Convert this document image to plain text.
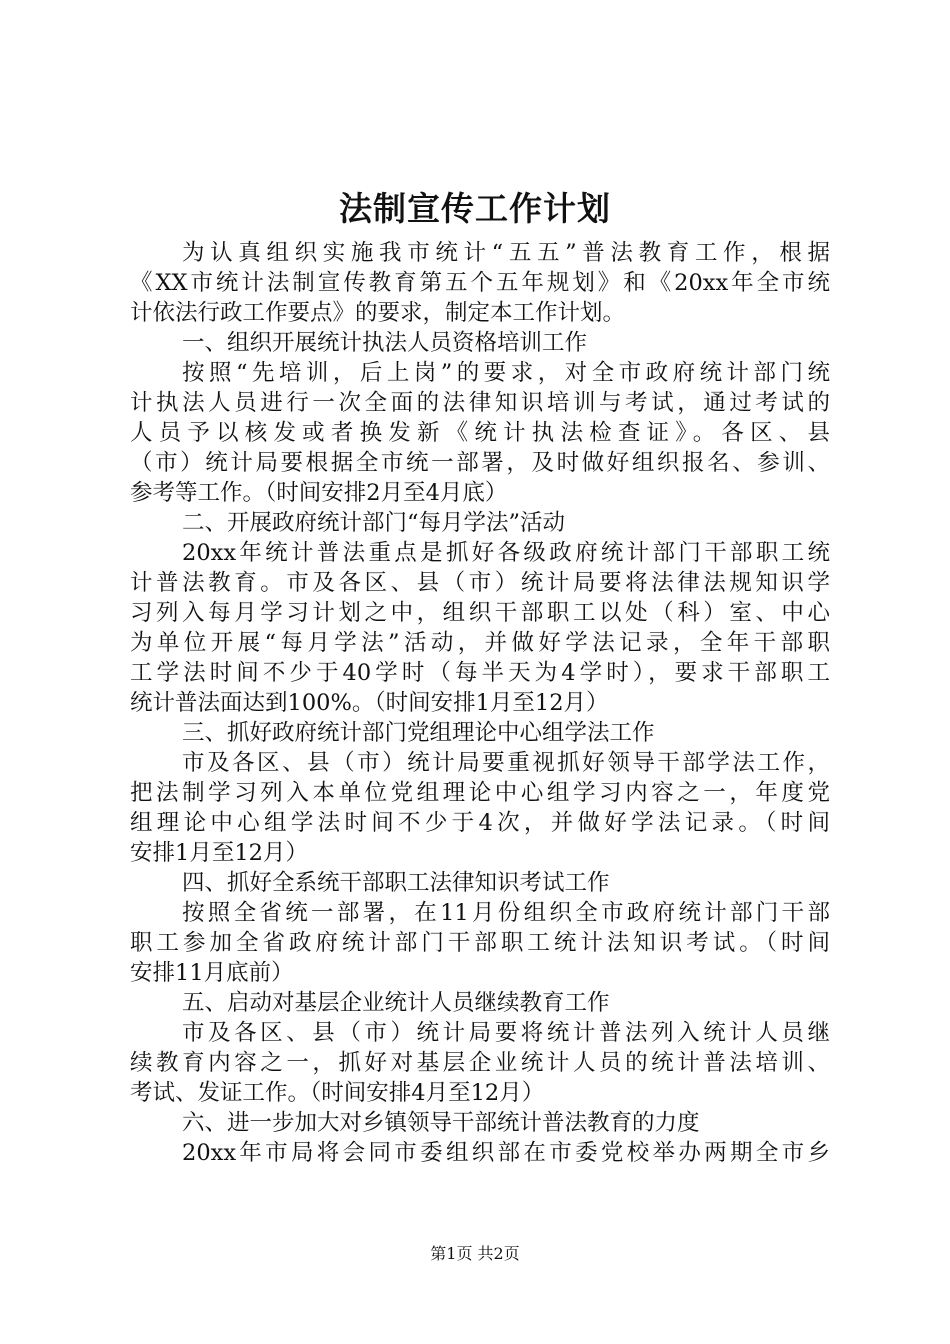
法制宣传工作计划
为认真组织实施我市统计“五五”普法教育工作，根据
《XX市统计法制宣传教育第五个五年规划》和《20xx年全市统
计依法行政工作要点》的要求，制定本工作计划。
一、组织开展统计执法人员资格培训工作
按照“先培训，后上岗”的要求，对全市政府统计部门统
计执法人员进行一次全面的法律知识培训与考试，通过考试的
人员予以核发或者换发新《统计执法检查证》。各区、县
（市）统计局要根据全市统一部署，及时做好组织报名、参训、
参考等工作。（时间安排2月至4月底）
二、开展政府统计部门“每月学法”活动
20xx年统计普法重点是抓好各级政府统计部门干部职工统
计普法教育。市及各区、县（市）统计局要将法律法规知识学
习列入每月学习计划之中，组织干部职工以处（科）室、中心
为单位开展“每月学法”活动，并做好学法记录，全年干部职
工学法时间不少于40学时（每半天为4学时），要求干部职工
统计普法面达到100%。（时间安排1月至12月）
三、抓好政府统计部门党组理论中心组学法工作
市及各区、县（市）统计局要重视抓好领导干部学法工作，
把法制学习列入本单位党组理论中心组学习内容之一，年度党
组理论中心组学法时间不少于4次，并做好学法记录。（时间
安排1月至12月）
四、抓好全系统干部职工法律知识考试工作
按照全省统一部署，在11月份组织全市政府统计部门干部
职工参加全省政府统计部门干部职工统计法知识考试。（时间
安排11月底前）
五、启动对基层企业统计人员继续教育工作
市及各区、县（市）统计局要将统计普法列入统计人员继
续教育内容之一，抓好对基层企业统计人员的统计普法培训、
考试、发证工作。（时间安排4月至12月）
六、进一步加大对乡镇领导干部统计普法教育的力度
20xx年市局将会同市委组织部在市委党校举办两期全市乡
第1页 共2页
